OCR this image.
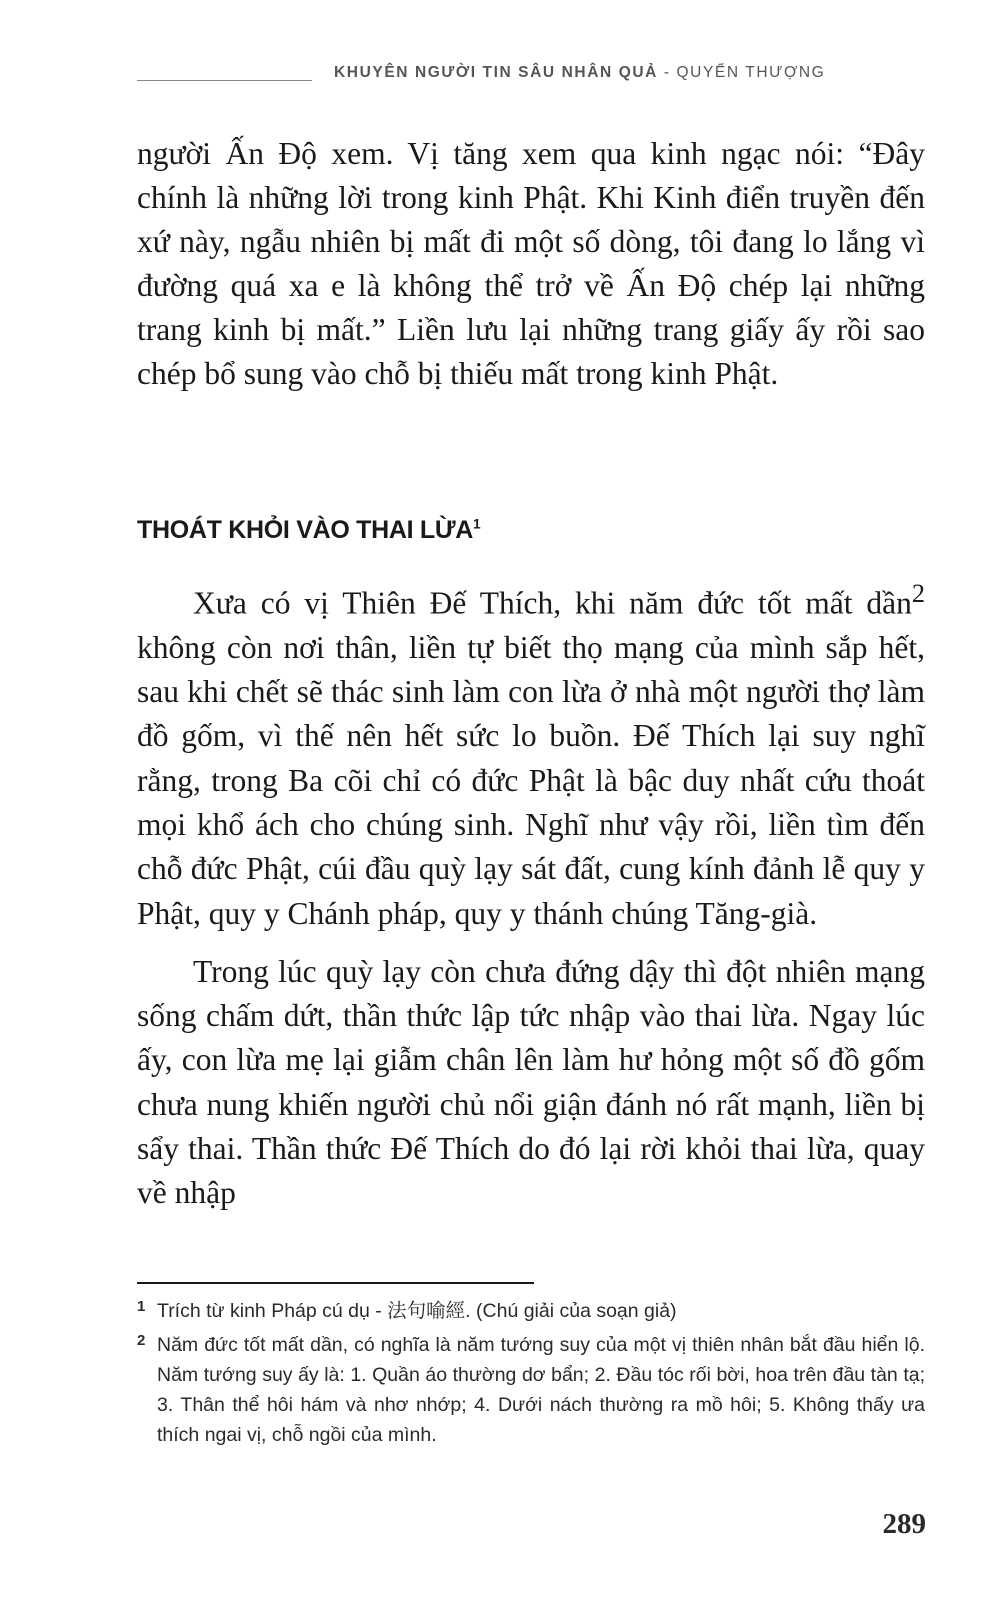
KHUYÊN NGƯỜI TIN SÂU NHÂN QUẢ - QUYỂN THƯỢNG

người Ấn Độ xem. Vị tăng xem qua kinh ngạc nói: “Đây chính là những lời trong kinh Phật. Khi Kinh điển truyền đến xứ này, ngẫu nhiên bị mất đi một số dòng, tôi đang lo lắng vì đường quá xa e là không thể trở về Ấn Độ chép lại những trang kinh bị mất.” Liền lưu lại những trang giấy ấy rồi sao chép bổ sung vào chỗ bị thiếu mất trong kinh Phật.

THOÁT KHỎI VÀO THAI LỪA$^1$

Xưa có vị Thiên Đế Thích, khi năm đức tốt mất dần$^2$ không còn nơi thân, liền tự biết thọ mạng của mình sắp hết, sau khi chết sẽ thác sinh làm con lừa ở nhà một người thợ làm đồ gốm, vì thế nên hết sức lo buồn. Đế Thích lại suy nghĩ rằng, trong Ba cõi chỉ có đức Phật là bậc duy nhất cứu thoát mọi khổ ách cho chúng sinh. Nghĩ như vậy rồi, liền tìm đến chỗ đức Phật, cúi đầu quỳ lạy sát đất, cung kính đảnh lễ quy y Phật, quy y Chánh pháp, quy y thánh chúng Tăng-già.

Trong lúc quỳ lạy còn chưa đứng dậy thì đột nhiên mạng sống chấm dứt, thần thức lập tức nhập vào thai lừa. Ngay lúc ấy, con lừa mẹ lại giẫm chân lên làm hư hỏng một số đồ gốm chưa nung khiến người chủ nổi giận đánh nó rất mạnh, liền bị sẩy thai. Thần thức Đế Thích do đó lại rời khỏi thai lừa, quay về nhập

1 Trích từ kinh Pháp cú dụ - 法句喻經. (Chú giải của soạn giả)
2 Năm đức tốt mất dần, có nghĩa là năm tướng suy của một vị thiên nhân bắt đầu hiển lộ. Năm tướng suy ấy là: 1. Quần áo thường dơ bẩn; 2. Đầu tóc rối bời, hoa trên đầu tàn tạ; 3. Thân thể hôi hám và nhơ nhớp; 4. Dưới nách thường ra mồ hôi; 5. Không thấy ưa thích ngai vị, chỗ ngồi của mình.
289
